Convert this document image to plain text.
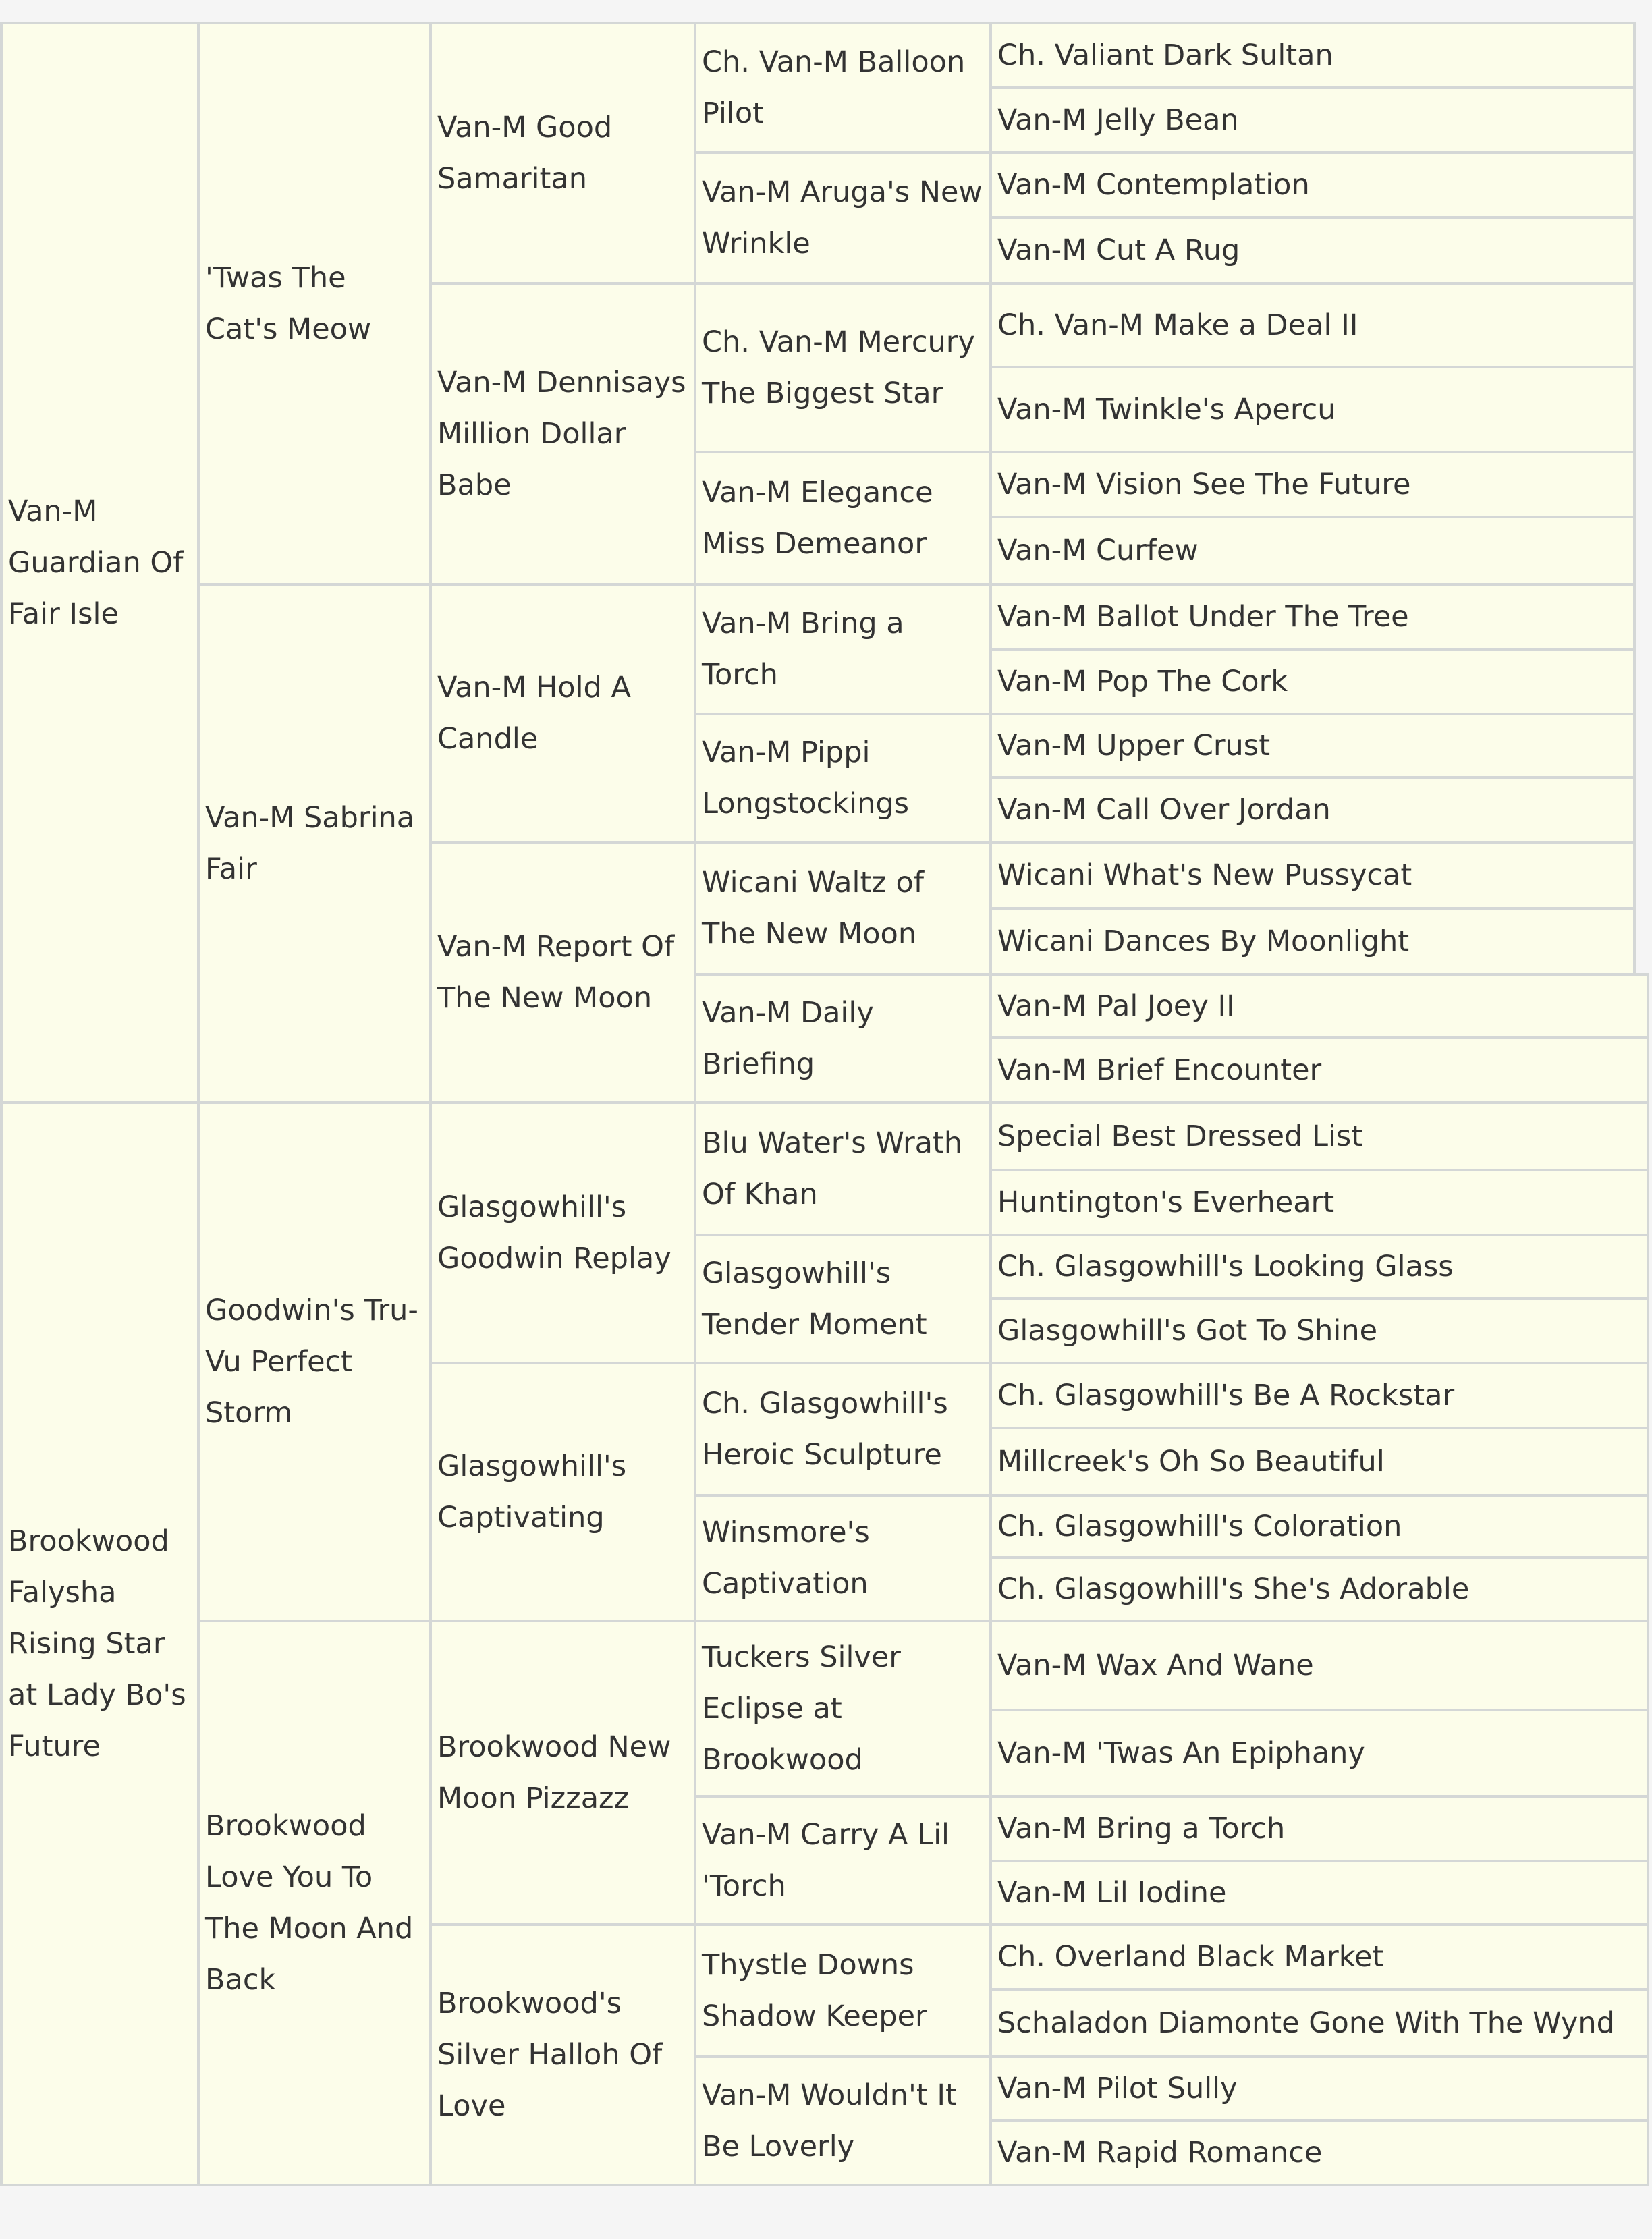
Van-M Guardian Of Fair Isle
Brookwood Falysha Rising Star at Lady Bo's Future
'Twas The Cat's Meow
Van-M Sabrina Fair
Goodwin's Tru-Vu Perfect Storm
Brookwood Love You To The Moon And Back
Van-M Good Samaritan
Van-M Dennisays Million Dollar Babe
Van-M Hold A Candle
Van-M Report Of The New Moon
Glasgowhill's Goodwin Replay
Glasgowhill's Captivating
Brookwood New Moon Pizzazz
Brookwood's Silver Halloh Of Love
Ch. Van-M Balloon Pilot
Van-M Aruga's New Wrinkle
Ch. Van-M Mercury The Biggest Star
Van-M Elegance Miss Demeanor
Van-M Bring a Torch
Van-M Pippi Longstockings
Wicani Waltz of The New Moon
Van-M Daily Briefing
Blu Water's Wrath Of Khan
Glasgowhill's Tender Moment
Ch. Glasgowhill's Heroic Sculpture
Winsmore's Captivation
Tuckers Silver Eclipse at Brookwood
Van-M Carry A Lil 'Torch
Thystle Downs Shadow Keeper
Van-M Wouldn't It Be Loverly
Ch. Valiant Dark Sultan
Van-M Jelly Bean
Van-M Contemplation
Van-M Cut A Rug
Ch. Van-M Make a Deal II
Van-M Twinkle's Apercu
Van-M Vision See The Future
Van-M Curfew
Van-M Ballot Under The Tree
Van-M Pop The Cork
Van-M Upper Crust
Van-M Call Over Jordan
Wicani What's New Pussycat
Wicani Dances By Moonlight
Van-M Pal Joey II
Van-M Brief Encounter
Special Best Dressed List
Huntington's Everheart
Ch. Glasgowhill's Looking Glass
Glasgowhill's Got To Shine
Ch. Glasgowhill's Be A Rockstar
Millcreek's Oh So Beautiful
Ch. Glasgowhill's Coloration
Ch. Glasgowhill's She's Adorable
Van-M Wax And Wane
Van-M 'Twas An Epiphany
Van-M Bring a Torch
Van-M Lil Iodine
Ch. Overland Black Market
Schaladon Diamonte Gone With The Wynd
Van-M Pilot Sully
Van-M Rapid Romance
